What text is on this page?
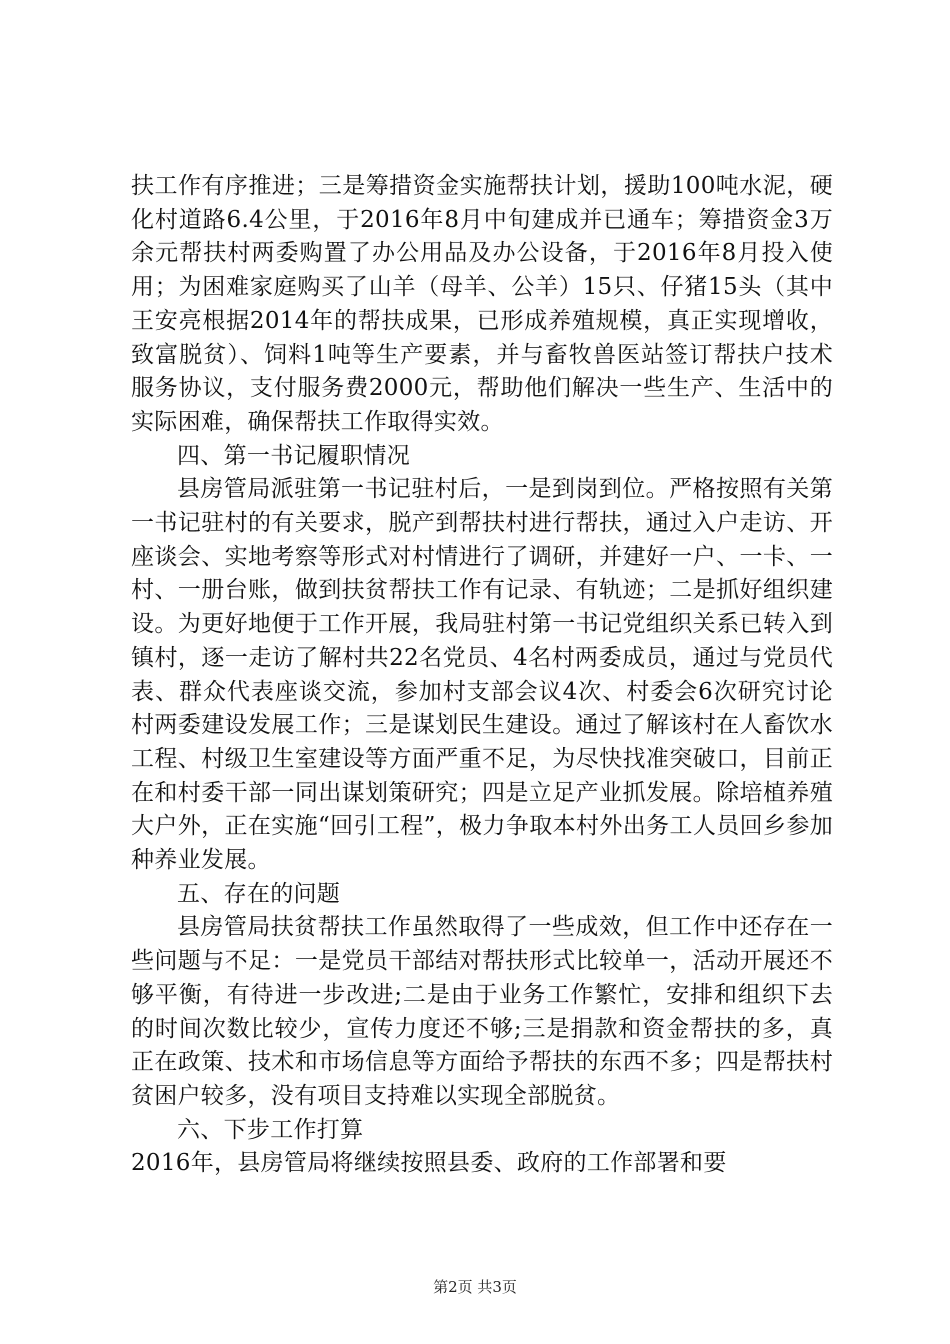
扶工作有序推进；三是筹措资金实施帮扶计划，援助100吨水泥，硬化村道路6.4公里，于2016年8月中旬建成并已通车；筹措资金3万余元帮扶村两委购置了办公用品及办公设备，于2016年8月投入使用；为困难家庭购买了山羊（母羊、公羊）15只、仔猪15头（其中王安亮根据2014年的帮扶成果，已形成养殖规模，真正实现增收，致富脱贫）、饲料1吨等生产要素，并与畜牧兽医站签订帮扶户技术服务协议，支付服务费2000元，帮助他们解决一些生产、生活中的实际困难，确保帮扶工作取得实效。

四、第一书记履职情况

县房管局派驻第一书记驻村后，一是到岗到位。严格按照有关第一书记驻村的有关要求，脱产到帮扶村进行帮扶，通过入户走访、开座谈会、实地考察等形式对村情进行了调研，并建好一户、一卡、一村、一册台账，做到扶贫帮扶工作有记录、有轨迹；二是抓好组织建设。为更好地便于工作开展，我局驻村第一书记党组织关系已转入到镇村，逐一走访了解村共22名党员、4名村两委成员，通过与党员代表、群众代表座谈交流，参加村支部会议4次、村委会6次研究讨论村两委建设发展工作；三是谋划民生建设。通过了解该村在人畜饮水工程、村级卫生室建设等方面严重不足，为尽快找准突破口，目前正在和村委干部一同出谋划策研究；四是立足产业抓发展。除培植养殖大户外，正在实施“回引工程”，极力争取本村外出务工人员回乡参加种养业发展。

五、存在的问题

县房管局扶贫帮扶工作虽然取得了一些成效，但工作中还存在一些问题与不足：一是党员干部结对帮扶形式比较单一，活动开展还不够平衡，有待进一步改进;二是由于业务工作繁忙，安排和组织下去的时间次数比较少，宣传力度还不够;三是捐款和资金帮扶的多，真正在政策、技术和市场信息等方面给予帮扶的东西不多；四是帮扶村贫困户较多，没有项目支持难以实现全部脱贫。

六、下步工作打算

2016年，县房管局将继续按照县委、政府的工作部署和要

第2页 共3页
